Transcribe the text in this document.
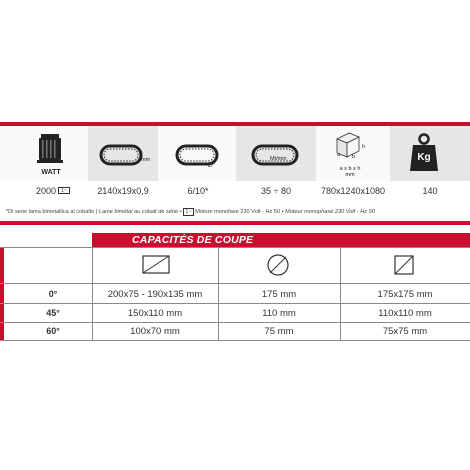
WATT
mm
Z/"
Mt/min
a b
h
a x b x h
mm
Kg
2000	1~	2140x19x0,9	6/10*	35 ÷ 80	780x1240x1080	140
*Di serie lama bimetallica al cobalto | Lame bimétal au cobalt de série • 1~ Motore monofase 230 Volt - Hz 50 • Moteur monophasé 230 Volt - Hz 50
CAPACITÉS DE COUPE
0°	200x75 - 190x135 mm	175 mm	175x175 mm
45°	150x110 mm	110 mm	110x110 mm
60°	100x70 mm	75 mm	75x75 mm
